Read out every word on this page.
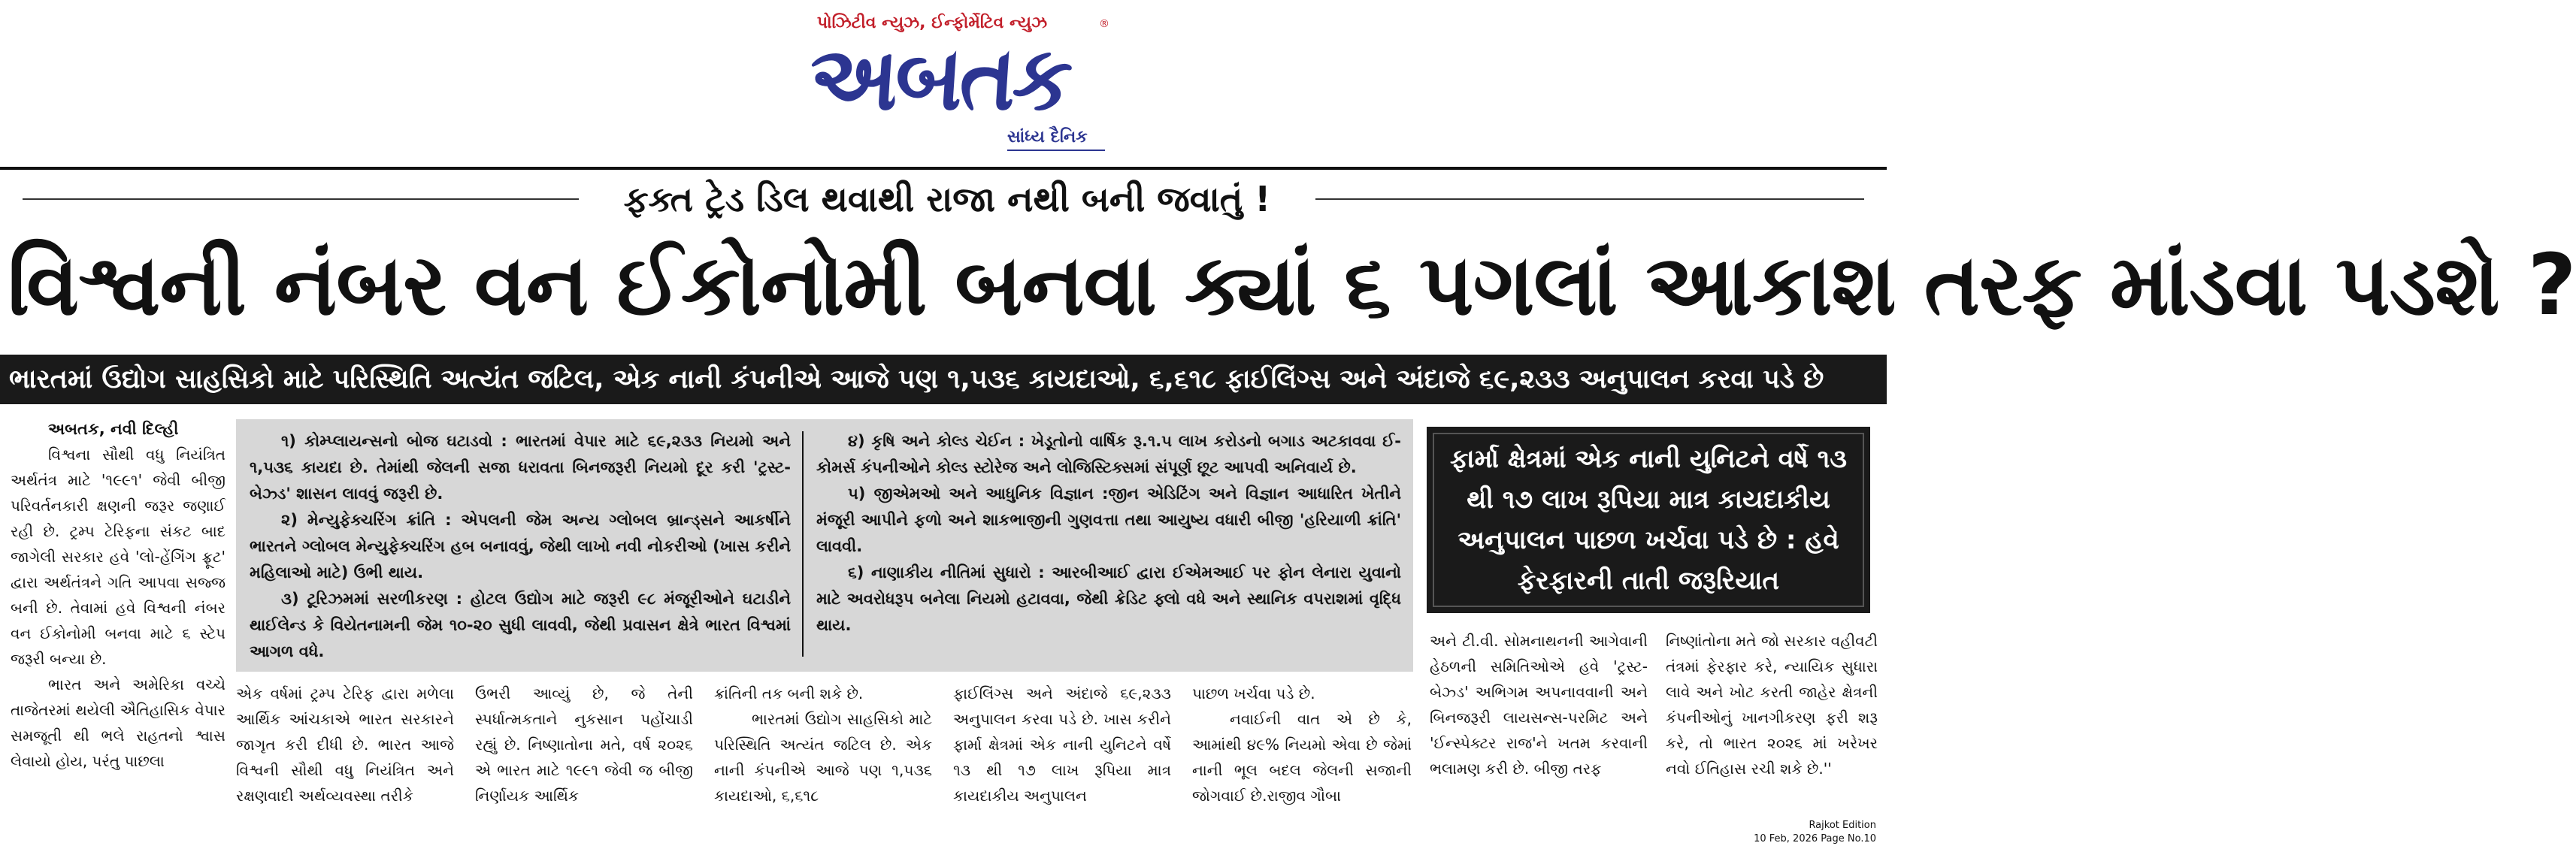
પોઝિટીવ ન્યુઝ, ઈન્ફોર્મેટિવ ન્યુઝ
અબતક
®
સાંધ્ય દૈનિક
ફક્ત ટ્રેડ ડિલ થવાથી રાજા નથી બની જવાતું !
વિશ્વની નંબર વન ઈકોનોમી બનવા ક્યાં ૬ પગલાં આકાશ તરફ માંડવા પડશે ?
ભારતમાં ઉદ્યોગ સાહસિકો માટે પરિસ્થિતિ અત્યંત જટિલ, એક નાની કંપનીએ આજે પણ ૧,૫૩૬ કાયદાઓ, ૬,૬૧૮ ફાઈલિંગ્સ અને અંદાજે ૬૯,૨૩૩ અનુપાલન કરવા પડે છે

અબતક, નવી દિલ્હી

વિશ્વના સૌથી વધુ નિયંત્રિત અર્થતંત્ર માટે '૧૯૯૧' જેવી બીજી પરિવર્તનકારી ક્ષણની જરૂર જણાઈ રહી છે. ટ્રમ્પ ટેરિફના સંકટ બાદ જાગેલી સરકાર હવે 'લો-હેંગિંગ ફ્રૂટ' દ્વારા અર્થતંત્રને ગતિ આપવા સજ્જ બની છે. તેવામાં હવે વિશ્વની નંબર વન ઈકોનોમી બનવા માટે ૬ સ્ટેપ જરૂરી બન્યા છે.

ભારત અને અમેરિકા વચ્ચે તાજેતરમાં થયેલી ઐતિહાસિક વેપાર સમજૂતી થી ભલે રાહતનો શ્વાસ લેવાયો હોય, પરંતુ પાછલા

૧) કોમ્પ્લાયન્સનો બોજ ઘટાડવો : ભારતમાં વેપાર માટે ૬૯,૨૩૩ નિયમો અને ૧,૫૩૬ કાયદા છે. તેમાંથી જેલની સજા ધરાવતા બિનજરૂરી નિયમો દૂર કરી 'ટ્રસ્ટ-બેઝ્ડ' શાસન લાવવું જરૂરી છે.

૨) મેન્યુફેક્ચરિંગ ક્રાંતિ : એપલની જેમ અન્ય ગ્લોબલ બ્રાન્ડ્સને આકર્ષીને ભારતને ગ્લોબલ મેન્યુફેક્ચરિંગ હબ બનાવવું, જેથી લાખો નવી નોકરીઓ (ખાસ કરીને મહિલાઓ માટે) ઉભી થાય.

૩) ટૂરિઝમમાં સરળીકરણ : હોટલ ઉદ્યોગ માટે જરૂરી ૯૮ મંજૂરીઓને ઘટાડીને થાઈલેન્ડ કે વિયેતનામની જેમ ૧૦-૨૦ સુધી લાવવી, જેથી પ્રવાસન ક્ષેત્રે ભારત વિશ્વમાં આગળ વધે.

૪) કૃષિ અને કોલ્ડ ચેઈન : ખેડૂતોનો વાર્ષિક રૂ.૧.૫ લાખ કરોડનો બગાડ અટકાવવા ઈ-કોમર્સ કંપનીઓને કોલ્ડ સ્ટોરેજ અને લોજિસ્ટિક્સમાં સંપૂર્ણ છૂટ આપવી અનિવાર્ય છે.

૫) જીએમઓ અને આધુનિક વિજ્ઞાન :જીન એડિટિંગ અને વિજ્ઞાન આધારિત ખેતીને મંજૂરી આપીને ફળો અને શાકભાજીની ગુણવત્તા તથા આયુષ્ય વધારી બીજી 'હરિયાળી ક્રાંતિ' લાવવી.

૬) નાણાકીય નીતિમાં સુધારો : આરબીઆઈ દ્વારા ઈએમઆઈ પર ફોન લેનારા યુવાનો માટે અવરોધરૂપ બનેલા નિયમો હટાવવા, જેથી ક્રેડિટ ફ્લો વધે અને સ્થાનિક વપરાશમાં વૃદ્ધિ થાય.

ફાર્મા ક્ષેત્રમાં એક નાની યુનિટને વર્ષે ૧૩ થી ૧૭ લાખ રૂપિયા માત્ર કાયદાકીય અનુપાલન પાછળ ખર્ચવા પડે છે : હવે ફેરફારની તાતી જરૂરિયાત

એક વર્ષમાં ટ્રમ્પ ટેરિફ દ્વારા મળેલા આર્થિક આંચકાએ ભારત સરકારને જાગૃત કરી દીધી છે. ભારત આજે વિશ્વની સૌથી વધુ નિયંત્રિત અને રક્ષણવાદી અર્થવ્યવસ્થા તરીકે

ઉભરી આવ્યું છે, જે તેની સ્પર્ધાત્મકતાને નુકસાન પહોંચાડી રહ્યું છે. નિષ્ણાતોના મતે, વર્ષ ૨૦૨૬ એ ભારત માટે ૧૯૯૧ જેવી જ બીજી નિર્ણાયક આર્થિક

ક્રાંતિની તક બની શકે છે.

ભારતમાં ઉદ્યોગ સાહસિકો માટે પરિસ્થિતિ અત્યંત જટિલ છે. એક નાની કંપનીએ આજે પણ ૧,૫૩૬ કાયદાઓ, ૬,૬૧૮

ફાઈલિંગ્સ અને અંદાજે ૬૯,૨૩૩ અનુપાલન કરવા પડે છે. ખાસ કરીને ફાર્મા ક્ષેત્રમાં એક નાની યુનિટને વર્ષે ૧૩ થી ૧૭ લાખ રૂપિયા માત્ર કાયદાકીય અનુપાલન

પાછળ ખર્ચવા પડે છે.

નવાઈની વાત એ છે કે, આમાંથી ૪૯% નિયમો એવા છે જેમાં નાની ભૂલ બદલ જેલની સજાની જોગવાઈ છે.રાજીવ ગૌબા

અને ટી.વી. સોમનાથનની આગેવાની હેઠળની સમિતિઓએ હવે 'ટ્રસ્ટ-બેઝ્ડ' અભિગમ અપનાવવાની અને બિનજરૂરી લાયસન્સ-પરમિટ અને 'ઈન્સ્પેક્ટર રાજ'ને ખતમ કરવાની ભલામણ કરી છે. બીજી તરફ

નિષ્ણાંતોના મતે જો સરકાર વહીવટી તંત્રમાં ફેરફાર કરે, ન્યાયિક સુધારા લાવે અને ખોટ કરતી જાહેર ક્ષેત્રની કંપનીઓનું ખાનગીકરણ ફરી શરૂ કરે, તો ભારત ૨૦૨૬ માં ખરેખર નવો ઈતિહાસ રચી શકે છે.''

Rajkot Edition
10 Feb, 2026 Page No.10
